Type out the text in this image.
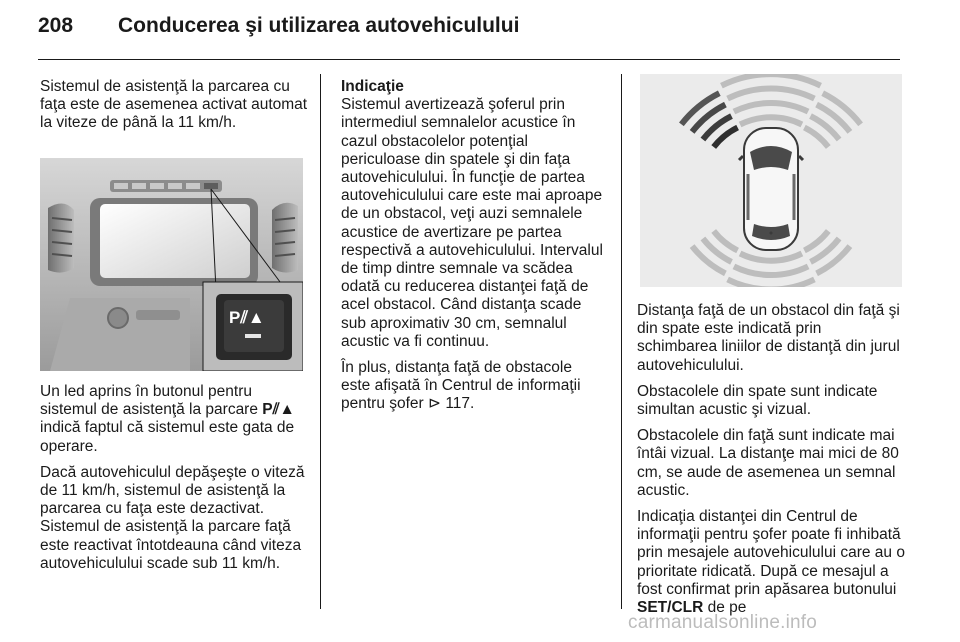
208 Conducerea şi utilizarea autovehiculului

Sistemul de asistenţă la parcarea cu faţa este de asemenea activat automat la viteze de până la 11 km/h.

P⫽▲

Un led aprins în butonul pentru sistemul de asistenţă la parcare P⫽▲ indică faptul că sistemul este gata de operare.

Dacă autovehiculul depăşeşte o viteză de 11 km/h, sistemul de asistenţă la parcarea cu faţa este dezactivat. Sistemul de asistenţă la parcare faţă este reactivat întotdeauna când viteza autovehiculului scade sub 11 km/h.

Indicaţie

Sistemul avertizează şoferul prin intermediul semnalelor acustice în cazul obstacolelor potenţial periculoase din spatele şi din faţa autovehiculului. În funcţie de partea autovehiculului care este mai aproape de un obstacol, veţi auzi semnalele acustice de avertizare pe partea respectivă a autovehiculului. Intervalul de timp dintre semnale va scădea odată cu reducerea distanţei faţă de acel obstacol. Când distanţa scade sub aproximativ 30 cm, semnalul acustic va fi continuu.

În plus, distanţa faţă de obstacole este afişată în Centrul de informaţii pentru şofer ⊳ 117.

Distanţa faţă de un obstacol din faţă şi din spate este indicată prin schimbarea liniilor de distanţă din jurul autovehiculului.

Obstacolele din spate sunt indicate simultan acustic şi vizual.

Obstacolele din faţă sunt indicate mai întâi vizual. La distanţe mai mici de 80 cm, se aude de asemenea un semnal acustic.

Indicaţia distanţei din Centrul de informaţii pentru şofer poate fi inhibată prin mesajele autovehiculului care au o prioritate ridicată. După ce mesajul a fost confirmat prin apăsarea butonului SET/CLR de pe

carmanualsonline.info
